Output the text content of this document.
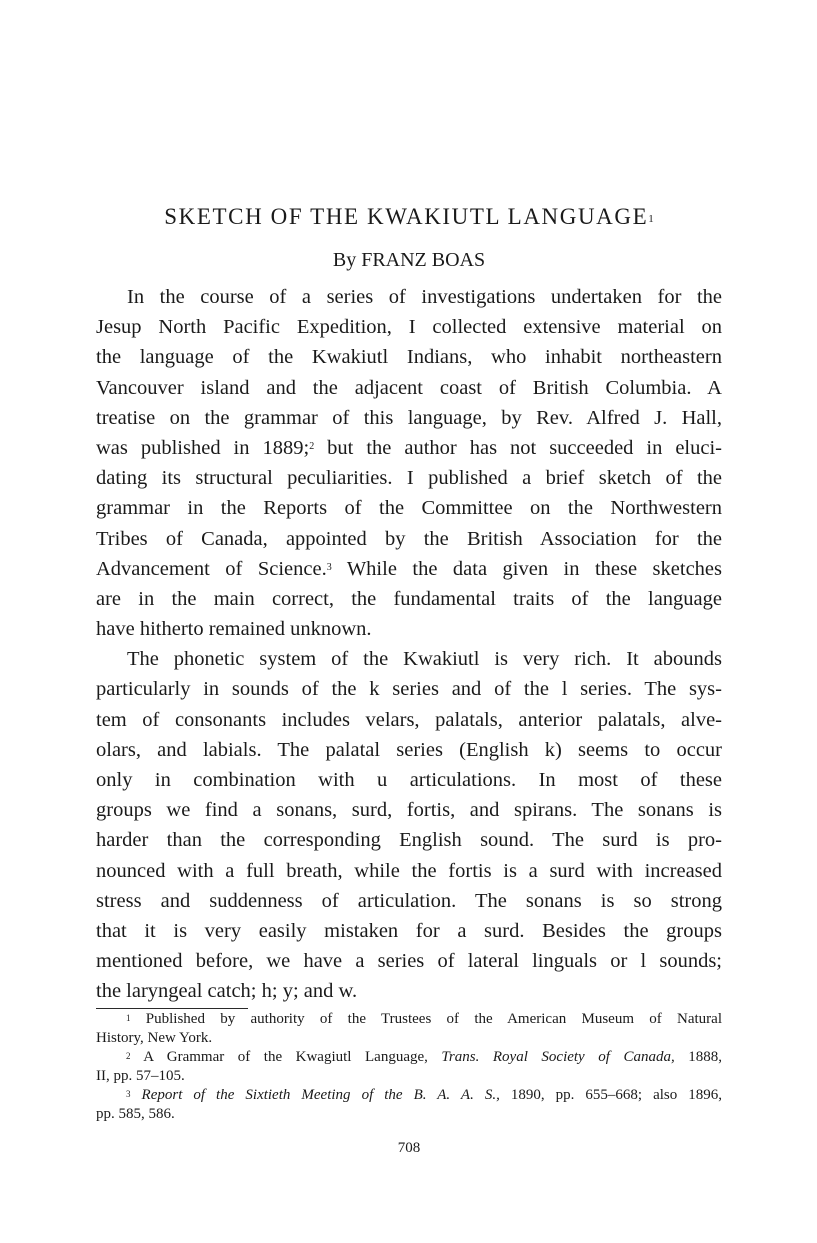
SKETCH OF THE KWAKIUTL LANGUAGE$^1$
By FRANZ BOAS
In the course of a series of investigations undertaken for the
Jesup North Pacific Expedition, I collected extensive material on
the language of the Kwakiutl Indians, who inhabit northeastern
Vancouver island and the adjacent coast of British Columbia. A
treatise on the grammar of this language, by Rev. Alfred J. Hall,
was published in 1889;$^2$ but the author has not succeeded in eluci-
dating its structural peculiarities. I published a brief sketch of the
grammar in the Reports of the Committee on the Northwestern
Tribes of Canada, appointed by the British Association for the
Advancement of Science.$^3$ While the data given in these sketches
are in the main correct, the fundamental traits of the language
have hitherto remained unknown.
The phonetic system of the Kwakiutl is very rich. It abounds
particularly in sounds of the k series and of the l series. The sys-
tem of consonants includes velars, palatals, anterior palatals, alve-
olars, and labials. The palatal series (English k) seems to occur
only in combination with u articulations. In most of these
groups we find a sonans, surd, fortis, and spirans. The sonans is
harder than the corresponding English sound. The surd is pro-
nounced with a full breath, while the fortis is a surd with increased
stress and suddenness of articulation. The sonans is so strong
that it is very easily mistaken for a surd. Besides the groups
mentioned before, we have a series of lateral linguals or l sounds;
the laryngeal catch; h; y; and w.
$^1$ Published by authority of the Trustees of the American Museum of Natural
History, New York.
$^2$ A Grammar of the Kwagiutl Language, Trans. Royal Society of Canada, 1888,
II, pp. 57–105.
$^3$ Report of the Sixtieth Meeting of the B. A. A. S., 1890, pp. 655–668; also 1896,
pp. 585, 586.
708
